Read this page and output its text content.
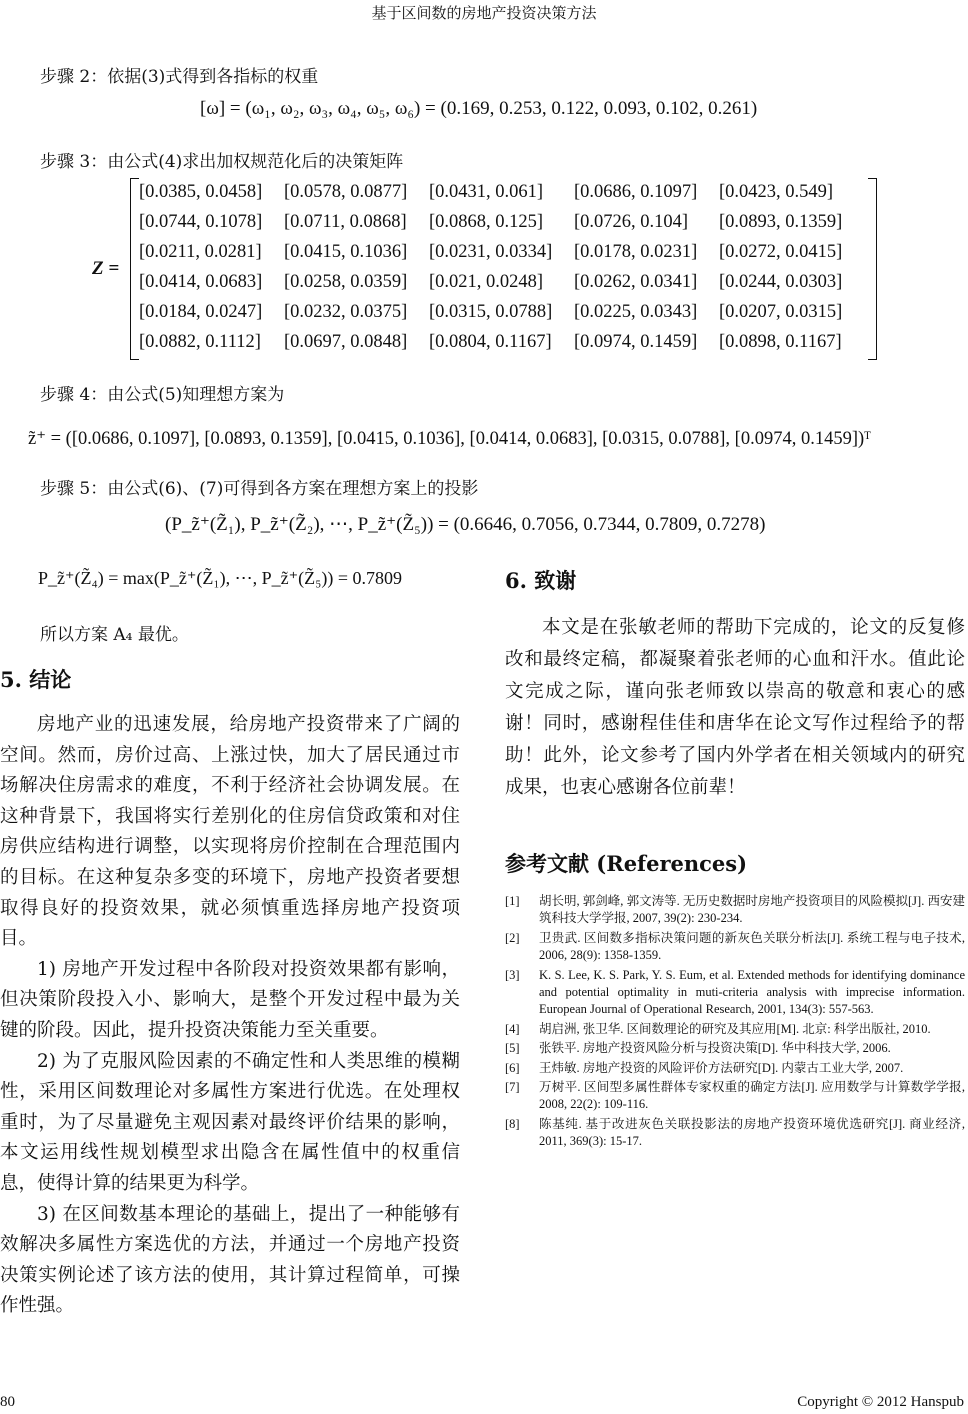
基于区间数的房地产投资决策方法
步骤 2：依据(3)式得到各指标的权重
[ω] = (ω₁, ω₂, ω₃, ω₄, ω₅, ω₆) = (0.169, 0.253, 0.122, 0.093, 0.102, 0.261)
步骤 3：由公式(4)求出加权规范化后的决策矩阵
Z =
[0.0385, 0.0458] [0.0578, 0.0877] [0.0431, 0.061] [0.0686, 0.1097] [0.0423, 0.549]
[0.0744, 0.1078] [0.0711, 0.0868] [0.0868, 0.125] [0.0726, 0.104] [0.0893, 0.1359]
[0.0211, 0.0281] [0.0415, 0.1036] [0.0231, 0.0334] [0.0178, 0.0231] [0.0272, 0.0415]
[0.0414, 0.0683] [0.0258, 0.0359] [0.021, 0.0248] [0.0262, 0.0341] [0.0244, 0.0303]
[0.0184, 0.0247] [0.0232, 0.0375] [0.0315, 0.0788] [0.0225, 0.0343] [0.0207, 0.0315]
[0.0882, 0.1112] [0.0697, 0.0848] [0.0804, 0.1167] [0.0974, 0.1459] [0.0898, 0.1167]
步骤 4：由公式(5)知理想方案为
z̃⁺ = ([0.0686, 0.1097], [0.0893, 0.1359], [0.0415, 0.1036], [0.0414, 0.0683], [0.0315, 0.0788], [0.0974, 0.1459])ᵀ
步骤 5：由公式(6)、(7)可得到各方案在理想方案上的投影
(P_z̃⁺(Z̃₁), P_z̃⁺(Z̃₂), ⋯, P_z̃⁺(Z̃₅)) = (0.6646, 0.7056, 0.7344, 0.7809, 0.7278)
P_z̃⁺(Z̃₄) = max(P_z̃⁺(Z̃₁), ⋯, P_z̃⁺(Z̃₅)) = 0.7809
所以方案 A₄ 最优。
5. 结论

房地产业的迅速发展，给房地产投资带来了广阔的空间。然而，房价过高、上涨过快，加大了居民通过市场解决住房需求的难度，不利于经济社会协调发展。在这种背景下，我国将实行差别化的住房信贷政策和对住房供应结构进行调整，以实现将房价控制在合理范围内的目标。在这种复杂多变的环境下，房地产投资者要想取得良好的投资效果，就必须慎重选择房地产投资项目。

1) 房地产开发过程中各阶段对投资效果都有影响，但决策阶段投入小、影响大，是整个开发过程中最为关键的阶段。因此，提升投资决策能力至关重要。

2) 为了克服风险因素的不确定性和人类思维的模糊性，采用区间数理论对多属性方案进行优选。在处理权重时，为了尽量避免主观因素对最终评价结果的影响，本文运用线性规划模型求出隐含在属性值中的权重信息，使得计算的结果更为科学。

3) 在区间数基本理论的基础上，提出了一种能够有效解决多属性方案选优的方法，并通过一个房地产投资决策实例论述了该方法的使用，其计算过程简单，可操作性强。

6. 致谢

本文是在张敏老师的帮助下完成的，论文的反复修改和最终定稿，都凝聚着张老师的心血和汗水。值此论文完成之际，谨向张老师致以崇高的敬意和衷心的感谢！同时，感谢程佳佳和唐华在论文写作过程给予的帮助！此外，论文参考了国内外学者在相关领域内的研究成果，也衷心感谢各位前辈！

参考文献 (References)
[1]	胡长明, 郭剑峰, 郭文涛等. 无历史数据时房地产投资项目的风险模拟[J]. 西安建筑科技大学学报, 2007, 39(2): 230-234.
[2]	卫贵武. 区间数多指标决策问题的新灰色关联分析法[J]. 系统工程与电子技术, 2006, 28(9): 1358-1359.
[3]	K. S. Lee, K. S. Park, Y. S. Eum, et al. Extended methods for identifying dominance and potential optimality in muti-criteria analysis with imprecise information. European Journal of Operational Research, 2001, 134(3): 557-563.
[4]	胡启洲, 张卫华. 区间数理论的研究及其应用[M]. 北京: 科学出版社, 2010.
[5]	张铁平. 房地产投资风险分析与投资决策[D]. 华中科技大学, 2006.
[6]	王炜敏. 房地产投资的风险评价方法研究[D]. 内蒙古工业大学, 2007.
[7]	万树平. 区间型多属性群体专家权重的确定方法[J]. 应用数学与计算数学学报, 2008, 22(2): 109-116.
[8]	陈基纯. 基于改进灰色关联投影法的房地产投资环境优选研究[J]. 商业经济, 2011, 369(3): 15-17.
80	Copyright © 2012 Hanspub
